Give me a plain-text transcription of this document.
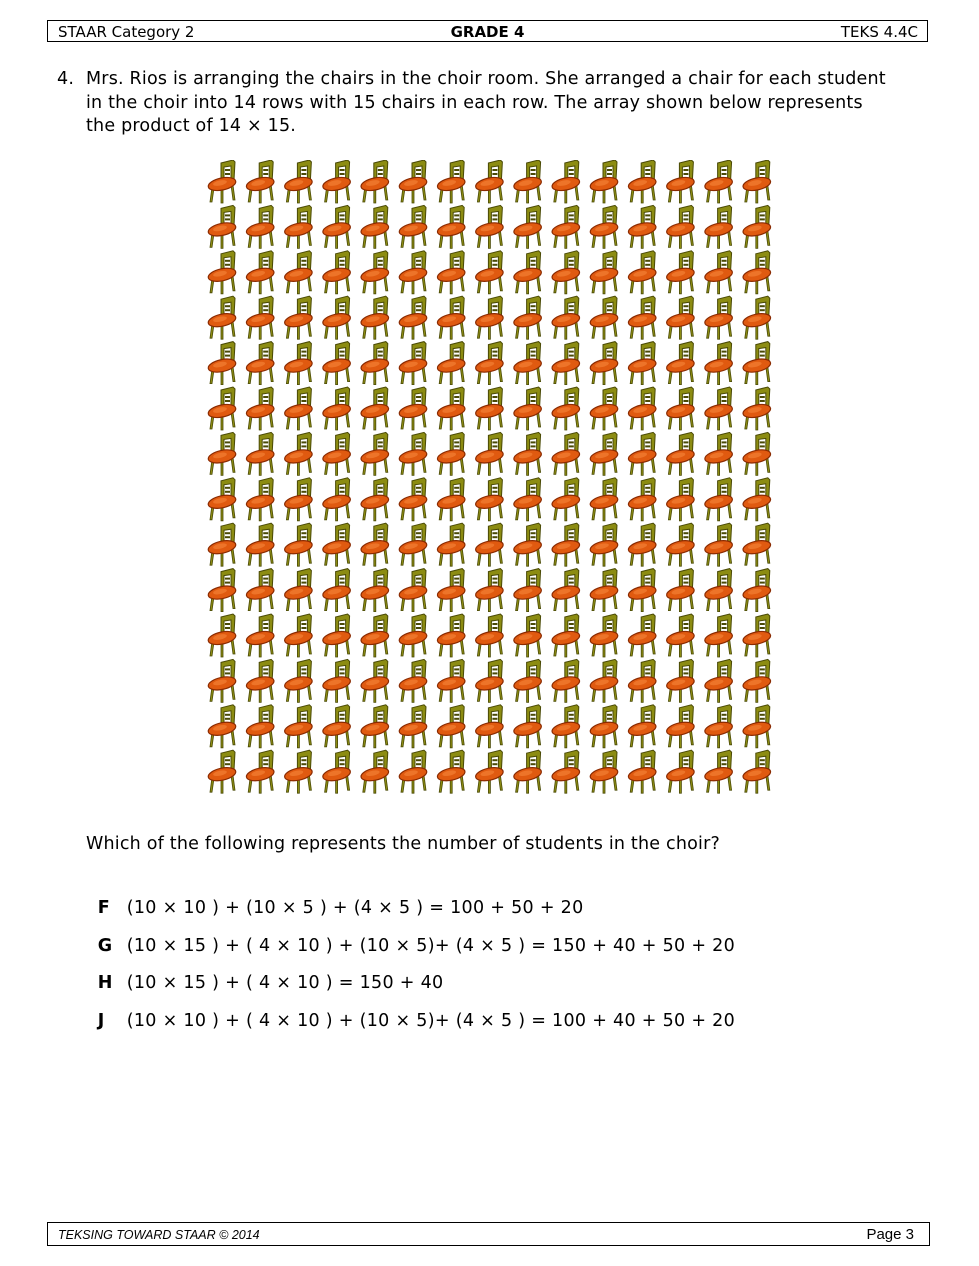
STAAR Category 2	GRADE 4	TEKS 4.4C
4. Mrs. Rios is arranging the chairs in the choir room. She arranged a chair for each student in the choir into 14 rows with 15 chairs in each row. The array shown below represents the product of 14 × 15.
Which of the following represents the number of students in the choir?

F (10 × 10 ) + (10 × 5 ) + (4 × 5 ) = 100 + 50 + 20

G (10 × 15 ) + ( 4 × 10 ) + (10 × 5)+ (4 × 5 ) = 150 + 40 + 50 + 20

H (10 × 15 ) + ( 4 × 10 ) = 150 + 40

J (10 × 10 ) + ( 4 × 10 ) + (10 × 5)+ (4 × 5 ) = 100 + 40 + 50 + 20

TEKSING TOWARD STAAR © 2014	Page 3
